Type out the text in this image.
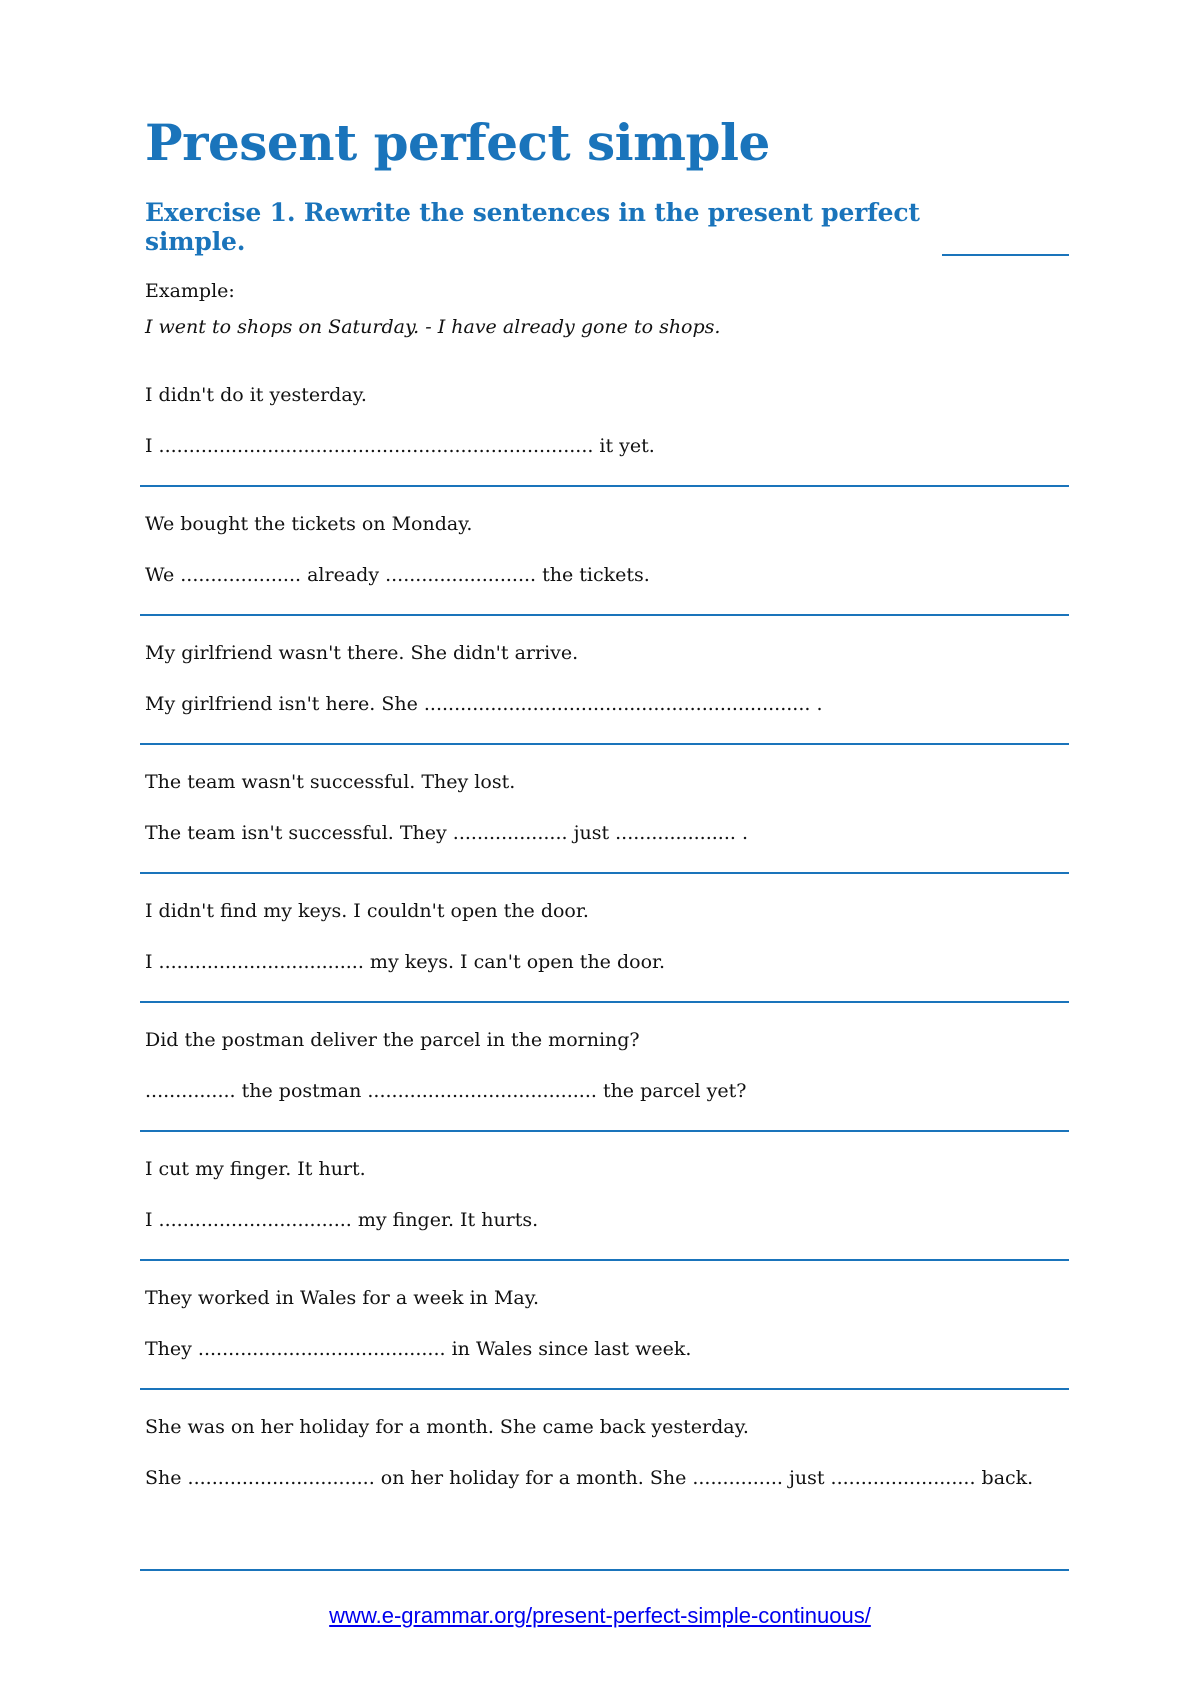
Present perfect simple
Exercise 1. Rewrite the sentences in the present perfect simple.
Example:
I went to shops on Saturday. - I have already gone to shops.
I didn't do it yesterday.
I ........................................................................ it yet.
We bought the tickets on Monday.
We .................... already ......................... the tickets.
My girlfriend wasn't there. She didn't arrive.
My girlfriend isn't here. She ................................................................ .
The team wasn't successful. They lost.
The team isn't successful. They ................... just .................... .
I didn't find my keys. I couldn't open the door.
I .................................. my keys. I can't open the door.
Did the postman deliver the parcel in the morning?
............... the postman ...................................... the parcel yet?
I cut my finger. It hurt.
I ................................ my finger. It hurts.
They worked in Wales for a week in May.
They ......................................... in Wales since last week.
She was on her holiday for a month. She came back yesterday.
She ............................... on her holiday for a month. She ............... just ........................ back.
www.e-grammar.org/present-perfect-simple-continuous/
